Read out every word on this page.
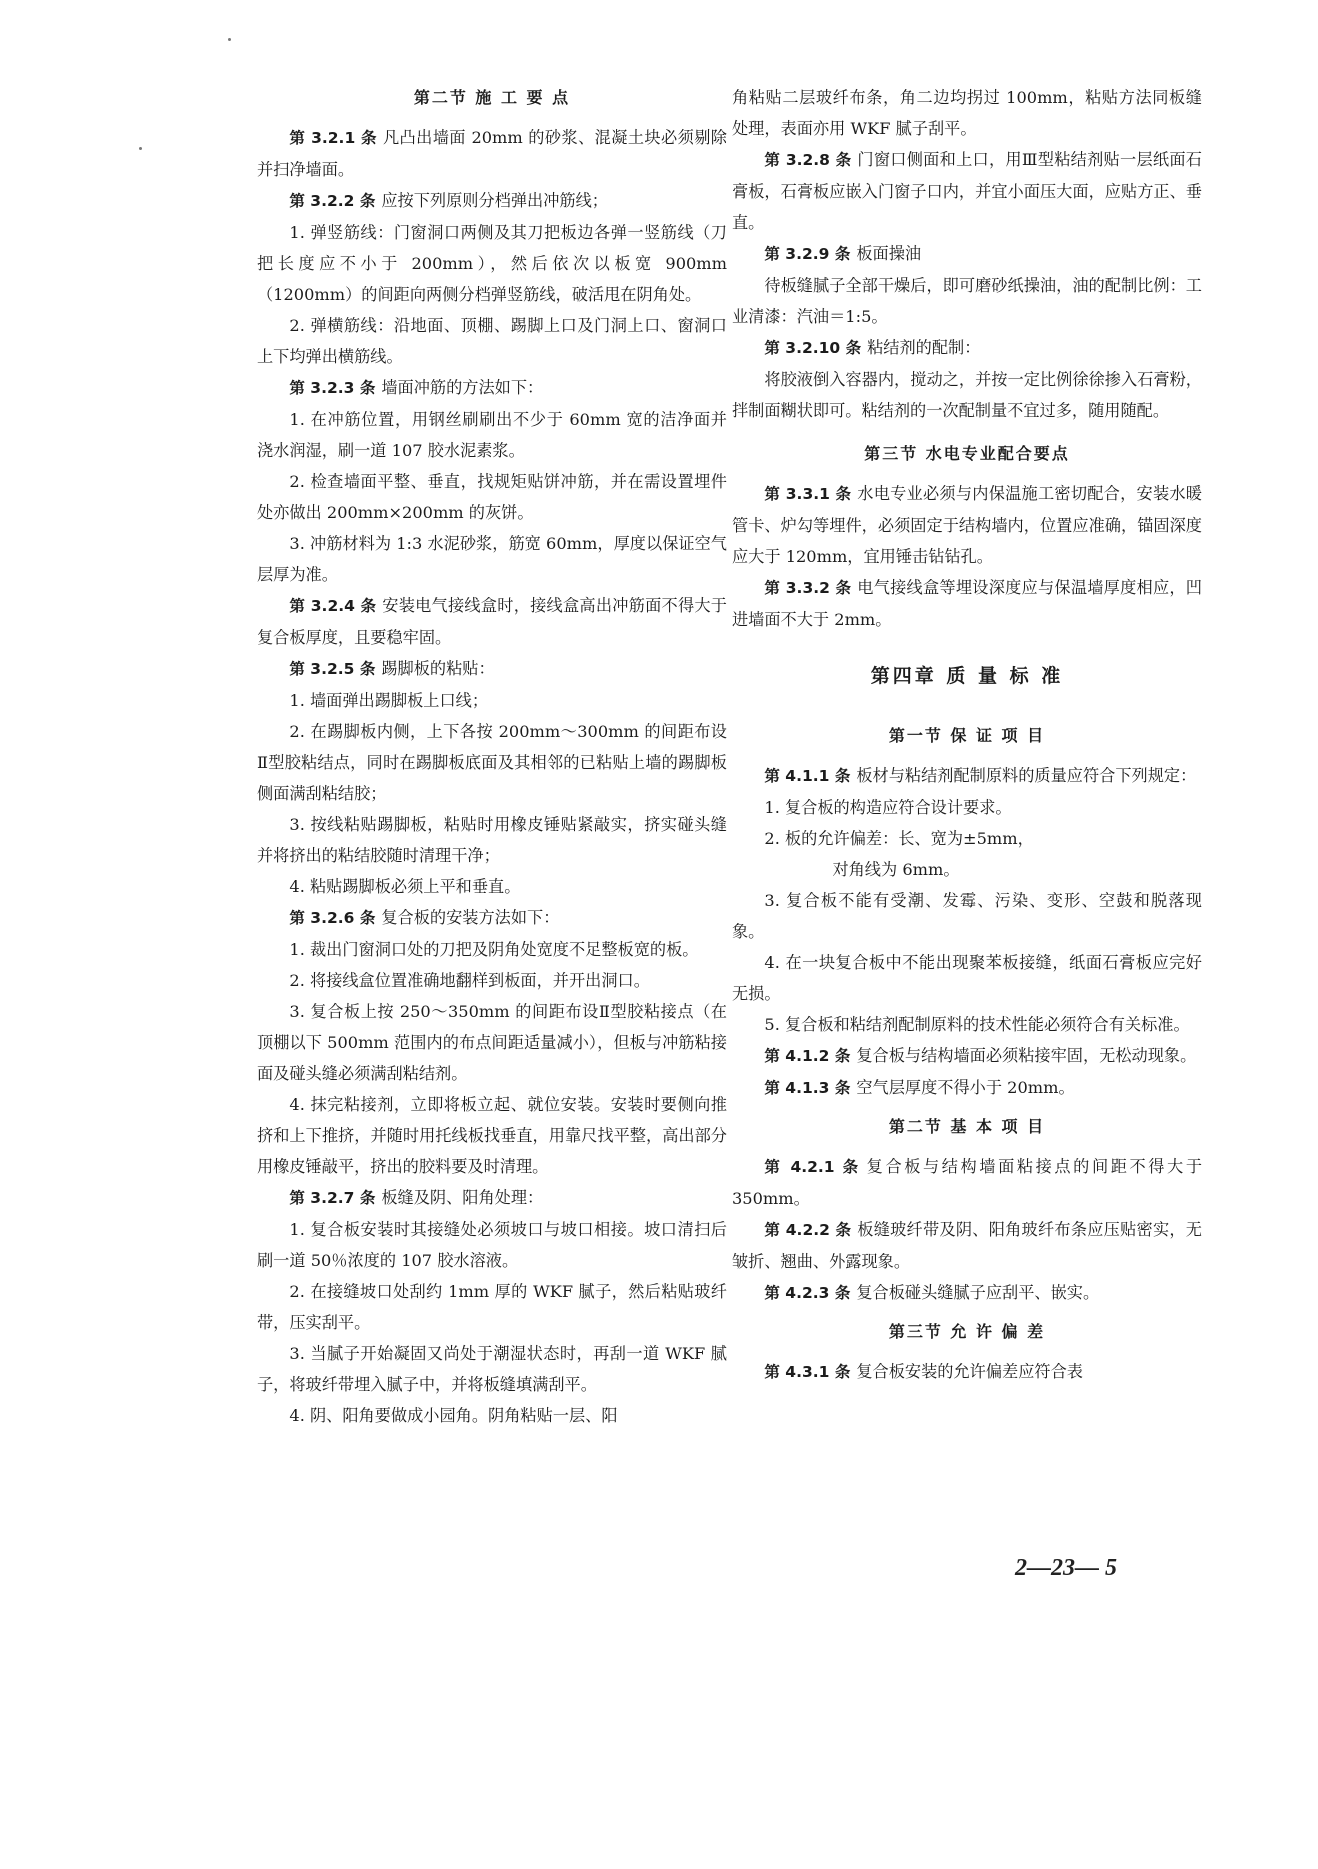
第二节 施 工 要 点

第 3.2.1 条 凡凸出墙面 20mm 的砂浆、混凝土块必须剔除并扫净墙面。

第 3.2.2 条 应按下列原则分档弹出冲筋线；

1. 弹竖筋线：门窗洞口两侧及其刀把板边各弹一竖筋线（刀把长度应不小于 200mm），然后依次以板宽 900mm（1200mm）的间距向两侧分档弹竖筋线，破活甩在阴角处。

2. 弹横筋线：沿地面、顶棚、踢脚上口及门洞上口、窗洞口上下均弹出横筋线。

第 3.2.3 条 墙面冲筋的方法如下：

1. 在冲筋位置，用钢丝刷刷出不少于 60mm 宽的洁净面并浇水润湿，刷一道 107 胶水泥素浆。

2. 检查墙面平整、垂直，找规矩贴饼冲筋，并在需设置埋件处亦做出 200mm×200mm 的灰饼。

3. 冲筋材料为 1:3 水泥砂浆，筋宽 60mm，厚度以保证空气层厚为准。

第 3.2.4 条 安装电气接线盒时，接线盒高出冲筋面不得大于复合板厚度，且要稳牢固。

第 3.2.5 条 踢脚板的粘贴：

1. 墙面弹出踢脚板上口线；

2. 在踢脚板内侧，上下各按 200mm～300mm 的间距布设Ⅱ型胶粘结点，同时在踢脚板底面及其相邻的已粘贴上墙的踢脚板侧面满刮粘结胶；

3. 按线粘贴踢脚板，粘贴时用橡皮锤贴紧敲实，挤实碰头缝并将挤出的粘结胶随时清理干净；

4. 粘贴踢脚板必须上平和垂直。

第 3.2.6 条 复合板的安装方法如下：

1. 裁出门窗洞口处的刀把及阴角处宽度不足整板宽的板。

2. 将接线盒位置准确地翻样到板面，并开出洞口。

3. 复合板上按 250～350mm 的间距布设Ⅱ型胶粘接点（在顶棚以下 500mm 范围内的布点间距适量减小），但板与冲筋粘接面及碰头缝必须满刮粘结剂。

4. 抹完粘接剂，立即将板立起、就位安装。安装时要侧向推挤和上下推挤，并随时用托线板找垂直，用靠尺找平整，高出部分用橡皮锤敲平，挤出的胶料要及时清理。

第 3.2.7 条 板缝及阴、阳角处理：

1. 复合板安装时其接缝处必须坡口与坡口相接。坡口清扫后刷一道 50％浓度的 107 胶水溶液。

2. 在接缝坡口处刮约 1mm 厚的 WKF 腻子，然后粘贴玻纤带，压实刮平。

3. 当腻子开始凝固又尚处于潮湿状态时，再刮一道 WKF 腻子，将玻纤带埋入腻子中，并将板缝填满刮平。

4. 阴、阳角要做成小园角。阴角粘贴一层、阳

角粘贴二层玻纤布条，角二边均拐过 100mm，粘贴方法同板缝处理，表面亦用 WKF 腻子刮平。

第 3.2.8 条 门窗口侧面和上口，用Ⅲ型粘结剂贴一层纸面石膏板，石膏板应嵌入门窗子口内，并宜小面压大面，应贴方正、垂直。

第 3.2.9 条 板面操油

待板缝腻子全部干燥后，即可磨砂纸操油，油的配制比例：工业清漆：汽油＝1:5。

第 3.2.10 条 粘结剂的配制：

将胶液倒入容器内，搅动之，并按一定比例徐徐掺入石膏粉，拌制面糊状即可。粘结剂的一次配制量不宜过多，随用随配。

第三节 水电专业配合要点

第 3.3.1 条 水电专业必须与内保温施工密切配合，安装水暖管卡、炉勾等埋件，必须固定于结构墙内，位置应准确，锚固深度应大于 120mm，宜用锤击钻钻孔。

第 3.3.2 条 电气接线盒等埋设深度应与保温墙厚度相应，凹进墙面不大于 2mm。

第四章 质 量 标 准
第一节 保 证 项 目

第 4.1.1 条 板材与粘结剂配制原料的质量应符合下列规定：

1. 复合板的构造应符合设计要求。

2. 板的允许偏差：长、宽为±5mm，

对角线为 6mm。

3. 复合板不能有受潮、发霉、污染、变形、空鼓和脱落现象。

4. 在一块复合板中不能出现聚苯板接缝，纸面石膏板应完好无损。

5. 复合板和粘结剂配制原料的技术性能必须符合有关标准。

第 4.1.2 条 复合板与结构墙面必须粘接牢固，无松动现象。

第 4.1.3 条 空气层厚度不得小于 20mm。

第二节 基 本 项 目

第 4.2.1 条 复合板与结构墙面粘接点的间距不得大于 350mm。

第 4.2.2 条 板缝玻纤带及阴、阳角玻纤布条应压贴密实，无皱折、翘曲、外露现象。

第 4.2.3 条 复合板碰头缝腻子应刮平、嵌实。

第三节 允 许 偏 差

第 4.3.1 条 复合板安装的允许偏差应符合表

2—23— 5
